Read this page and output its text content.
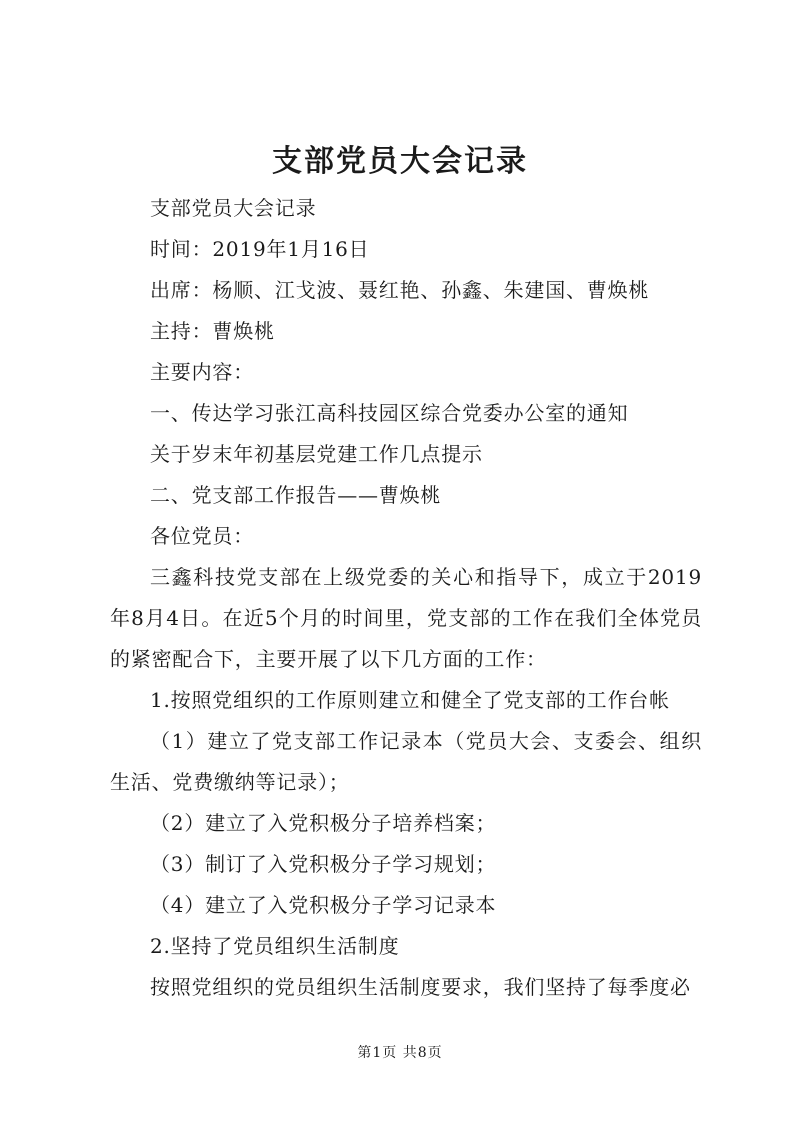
支部党员大会记录

支部党员大会记录

时间：2019年1月16日

出席：杨顺、江戈波、聂红艳、孙鑫、朱建国、曹焕桃

主持：曹焕桃

主要内容：

一、传达学习张江高科技园区综合党委办公室的通知

关于岁末年初基层党建工作几点提示

二、党支部工作报告——曹焕桃

各位党员：

三鑫科技党支部在上级党委的关心和指导下，成立于2019年8月4日。在近5个月的时间里，党支部的工作在我们全体党员的紧密配合下，主要开展了以下几方面的工作：

1.按照党组织的工作原则建立和健全了党支部的工作台帐

（1）建立了党支部工作记录本（党员大会、支委会、组织生活、党费缴纳等记录）；

（2）建立了入党积极分子培养档案；

（3）制订了入党积极分子学习规划；

（4）建立了入党积极分子学习记录本

2.坚持了党员组织生活制度

按照党组织的党员组织生活制度要求，我们坚持了每季度必

第1页 共8页
